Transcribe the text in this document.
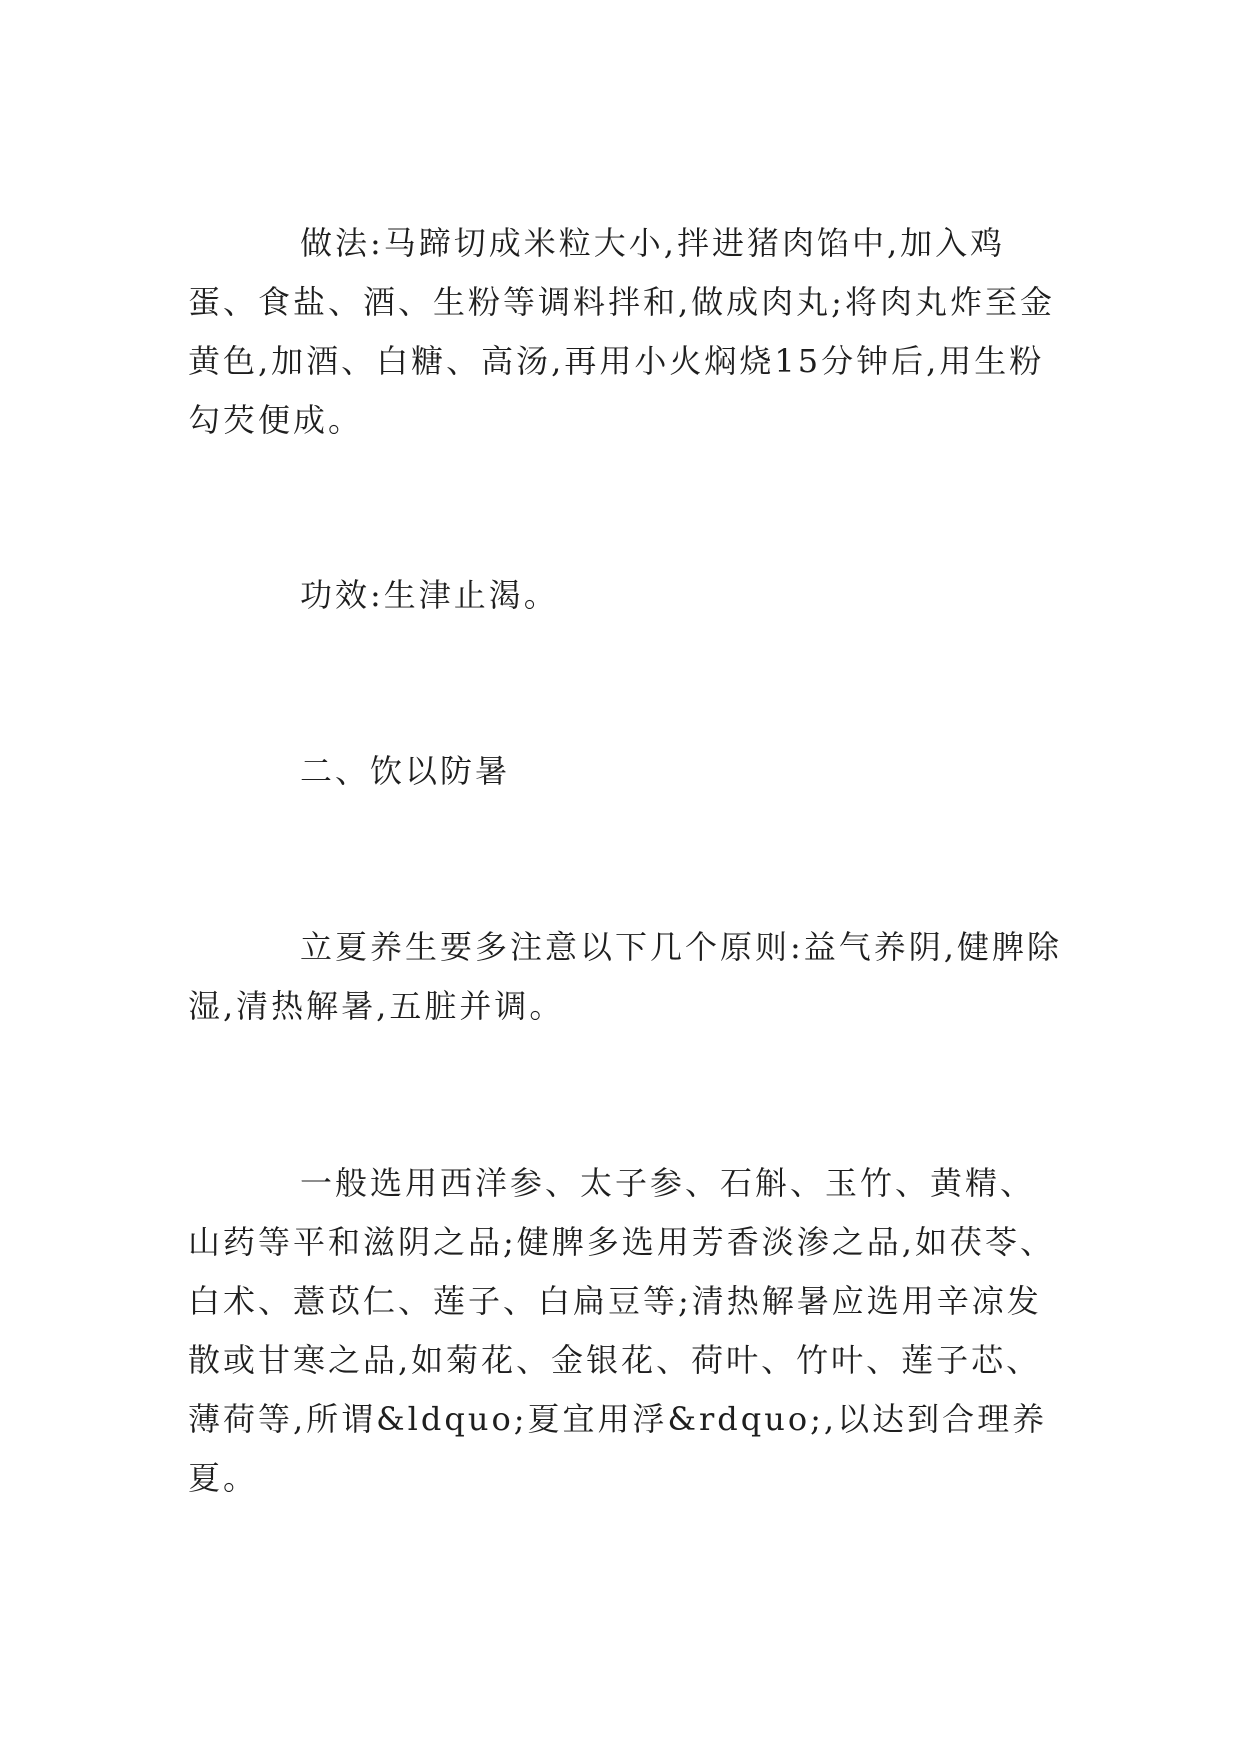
做法:马蹄切成米粒大小,拌进猪肉馅中,加入鸡蛋、食盐、酒、生粉等调料拌和,做成肉丸;将肉丸炸至金黄色,加酒、白糖、高汤,再用小火焖烧15分钟后,用生粉勾芡便成。

功效:生津止渴。

二、饮以防暑

立夏养生要多注意以下几个原则:益气养阴,健脾除湿,清热解暑,五脏并调。

一般选用西洋参、太子参、石斛、玉竹、黄精、山药等平和滋阴之品;健脾多选用芳香淡渗之品,如茯苓、白术、薏苡仁、莲子、白扁豆等;清热解暑应选用辛凉发散或甘寒之品,如菊花、金银花、荷叶、竹叶、莲子芯、薄荷等,所谓&ldquo;夏宜用浮&rdquo;,以达到合理养夏。
